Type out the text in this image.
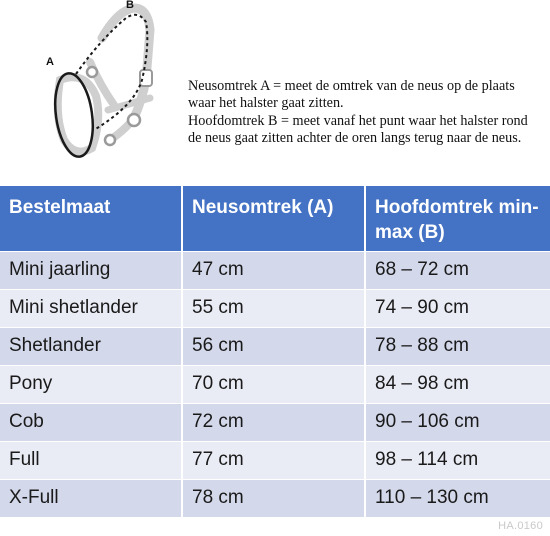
A
B

Neusomtrek A = meet de omtrek van de neus op de plaats waar het halster gaat zitten.

Hoofdomtrek B = meet vanaf het punt waar het halster rond de neus gaat zitten achter de oren langs terug naar de neus.

Bestelmaat	Neusomtrek (A)	Hoofdomtrek min-max (B)
Mini jaarling	47 cm	68 – 72 cm
Mini shetlander	55 cm	74 – 90 cm
Shetlander	56 cm	78 – 88 cm
Pony	70 cm	84 – 98 cm
Cob	72 cm	90 – 106 cm
Full	77 cm	98 – 114 cm
X-Full	78 cm	110 – 130 cm
HA.0160
